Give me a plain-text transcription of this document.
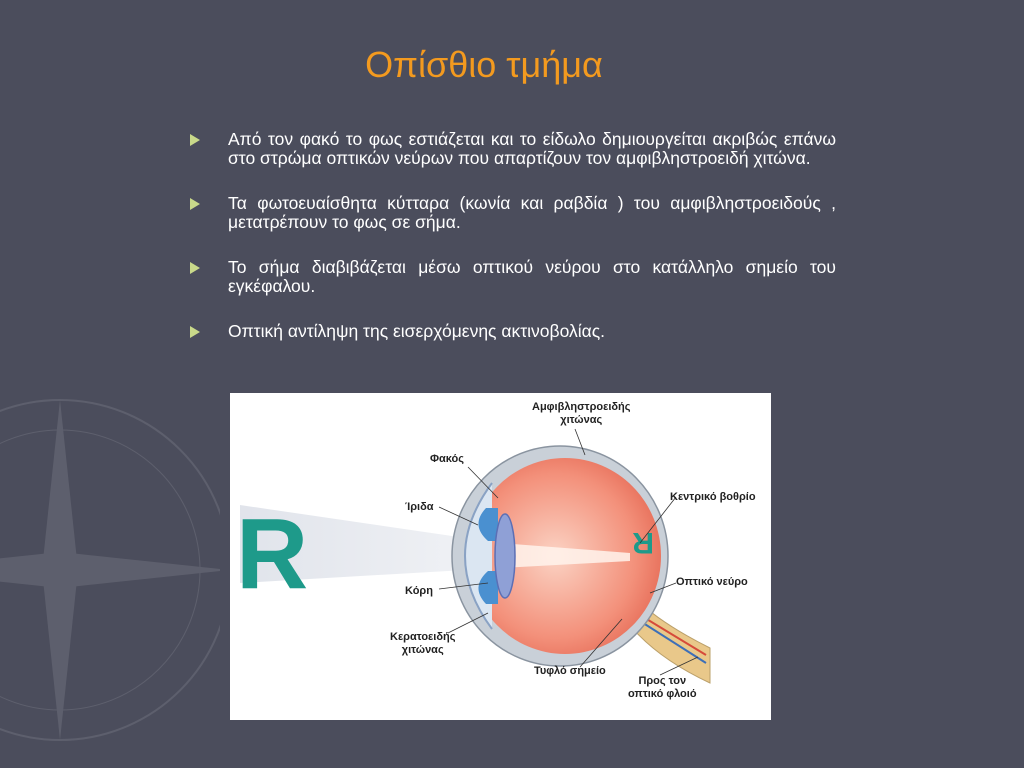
Οπίσθιο τμήμα
Από τον φακό το φως εστιάζεται και το είδωλο δημιουργείται ακριβώς επάνω στο στρώμα οπτικών νεύρων που απαρτίζουν τον αμφιβληστροειδή χιτώνα.
Τα φωτοευαίσθητα κύτταρα (κωνία και ραβδία ) του αμφιβληστροειδούς , μετατρέπουν το φως σε σήμα.
Το σήμα διαβιβάζεται μέσω οπτικού νεύρου στο κατάλληλο σημείο του εγκέφαλου.
Οπτική αντίληψη της εισερχόμενης ακτινοβολίας.
R	R
Αμφιβληστροειδής
χιτώνας
Φακός
Κεντρικό βοθρίο
Ίριδα
Οπτικό νεύρο
Κόρη
Κερατοειδής
χιτώνας
Τυφλό σημείο
Προς τον
οπτικό φλοιό
